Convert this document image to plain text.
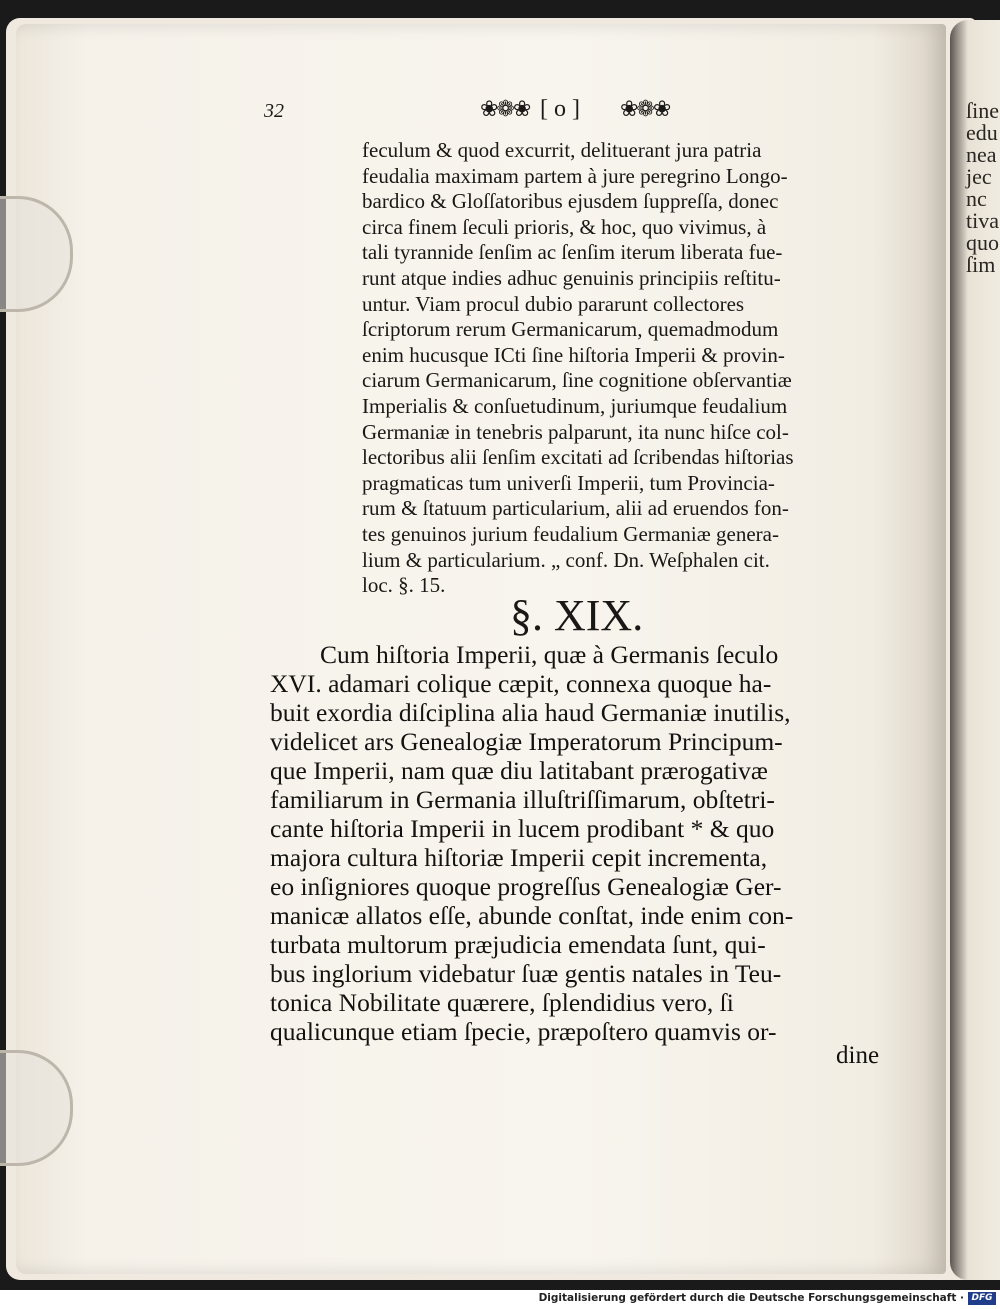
ſine
edu
nea
jec
nc
tiva
quo
ſim
32	❀❁❀ [ o ] ❀❁❀
feculum & quod excurrit, delituerant jura patria
feudalia maximam partem à jure peregrino Longo-
bardico & Gloſſatoribus ejusdem ſuppreſſa, donec
circa finem ſeculi prioris, & hoc, quo vivimus, à
tali tyrannide ſenſim ac ſenſim iterum liberata fue-
runt atque indies adhuc genuinis principiis reſtitu-
untur. Viam procul dubio pararunt collectores
ſcriptorum rerum Germanicarum, quemadmodum
enim hucusque ICti ſine hiſtoria Imperii & provin-
ciarum Germanicarum, ſine cognitione obſervantiæ
Imperialis & conſuetudinum, juriumque feudalium
Germaniæ in tenebris palparunt, ita nunc hiſce col-
lectoribus alii ſenſim excitati ad ſcribendas hiſtorias
pragmaticas tum univerſi Imperii, tum Provincia-
rum & ſtatuum particularium, alii ad eruendos fon-
tes genuinos jurium feudalium Germaniæ genera-
lium & particularium. „ conf. Dn. Weſphalen cit.
loc. §. 15.
§. XIX.
Cum hiſtoria Imperii, quæ à Germanis ſeculo
XVI. adamari colique cæpit, connexa quoque ha-
buit exordia diſciplina alia haud Germaniæ inutilis,
videlicet ars Genealogiæ Imperatorum Principum-
que Imperii, nam quæ diu latitabant prærogativæ
familiarum in Germania illuſtriſſimarum, obſtetri-
cante hiſtoria Imperii in lucem prodibant * & quo
majora cultura hiſtoriæ Imperii cepit incrementa,
eo inſigniores quoque progreſſus Genealogiæ Ger-
manicæ allatos eſſe, abunde conſtat, inde enim con-
turbata multorum præjudicia emendata ſunt, qui-
bus inglorium videbatur ſuæ gentis natales in Teu-
tonica Nobilitate quærere, ſplendidius vero, ſi
qualicunque etiam ſpecie, præpoſtero quamvis or-
dine
Digitalisierung gefördert durch die Deutsche Forschungsgemeinschaft · DFG
